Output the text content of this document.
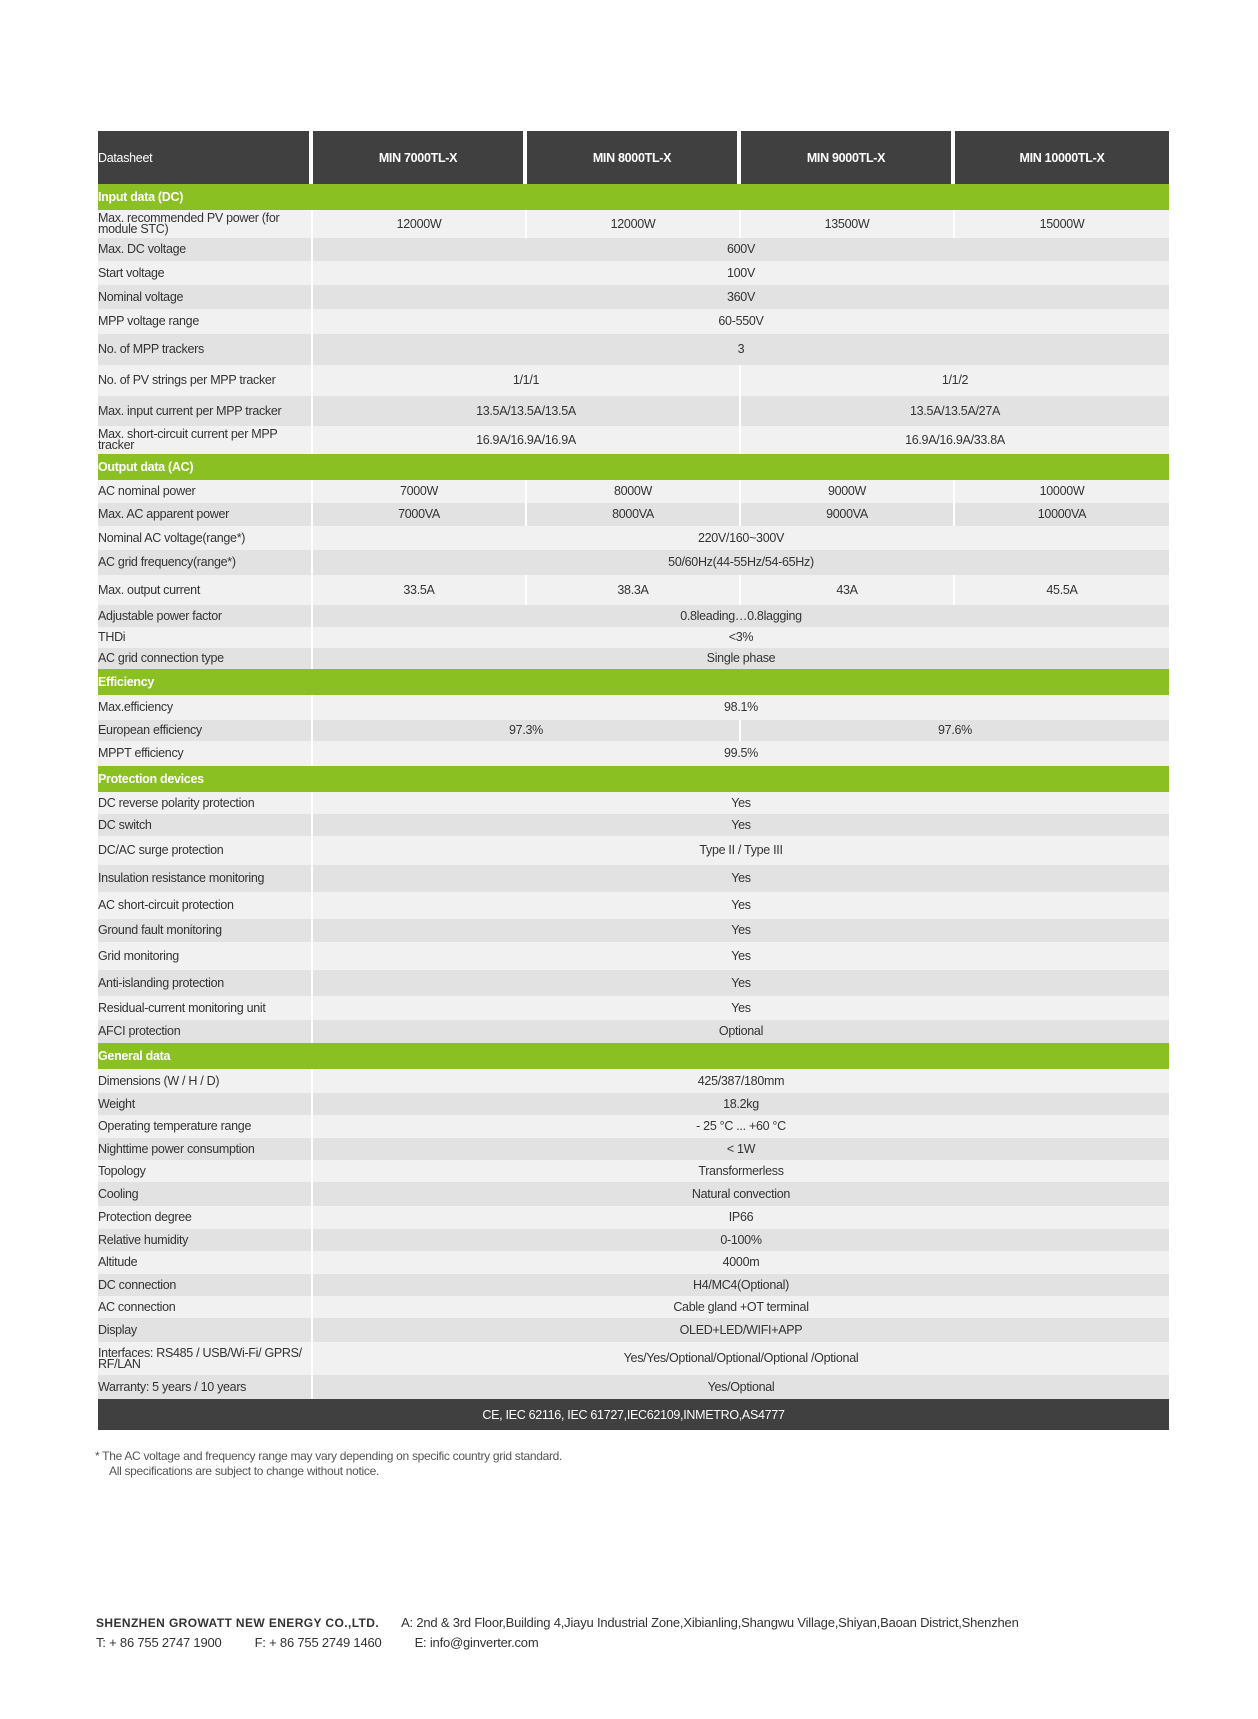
Datasheet	MIN 7000TL-X	MIN 8000TL-X	MIN 9000TL-X	MIN 10000TL-X
Input data (DC)				
Max. recommended PV power (for module STC)	12000W	12000W	13500W	15000W
Max. DC voltage	600V			
Start voltage	100V			
Nominal voltage	360V			
MPP voltage range	60-550V			
No. of MPP trackers	3			
No. of PV strings per MPP tracker	1/1/1		1/1/2	
Max. input current per MPP tracker	13.5A/13.5A/13.5A		13.5A/13.5A/27A	
Max. short-circuit current per MPP tracker	16.9A/16.9A/16.9A		16.9A/16.9A/33.8A	
Output data (AC)				
AC nominal power	7000W	8000W	9000W	10000W
Max. AC apparent power	7000VA	8000VA	9000VA	10000VA
Nominal AC voltage(range*)	220V/160~300V			
AC grid frequency(range*)	50/60Hz(44-55Hz/54-65Hz)			
Max. output current	33.5A	38.3A	43A	45.5A
Adjustable power factor	0.8leading…0.8lagging			
THDi	<3%			
AC grid connection type	Single phase			
Efficiency				
Max.efficiency	98.1%			
European efficiency	97.3%		97.6%	
MPPT efficiency	99.5%			
Protection devices				
DC reverse polarity protection	Yes			
DC switch	Yes			
DC/AC surge protection	Type II / Type III			
Insulation resistance monitoring	Yes			
AC short-circuit protection	Yes			
Ground fault monitoring	Yes			
Grid monitoring	Yes			
Anti-islanding protection	Yes			
Residual-current monitoring unit	Yes			
AFCI protection	Optional			
General data				
Dimensions (W / H / D)	425/387/180mm			
Weight	18.2kg			
Operating temperature range	- 25 °C ... +60 °C			
Nighttime power consumption	< 1W			
Topology	Transformerless			
Cooling	Natural convection			
Protection degree	IP66			
Relative humidity	0-100%			
Altitude	4000m			
DC connection	H4/MC4(Optional)			
AC connection	Cable gland +OT terminal			
Display	OLED+LED/WIFI+APP			
Interfaces: RS485 / USB/Wi-Fi/ GPRS/ RF/LAN	Yes/Yes/Optional/Optional/Optional /Optional			
Warranty: 5 years / 10 years	Yes/Optional			
CE, IEC 62116, IEC 61727,IEC62109,INMETRO,AS4777				
* The AC voltage and frequency range may vary depending on specific country grid standard.
All specifications are subject to change without notice.
SHENZHEN GROWATT NEW ENERGY CO.,LTD. A: 2nd & 3rd Floor,Building 4,Jiayu Industrial Zone,Xibianling,Shangwu Village,Shiyan,Baoan District,Shenzhen
T: + 86 755 2747 1900	F: + 86 755 2749 1460	E: info@ginverter.com
